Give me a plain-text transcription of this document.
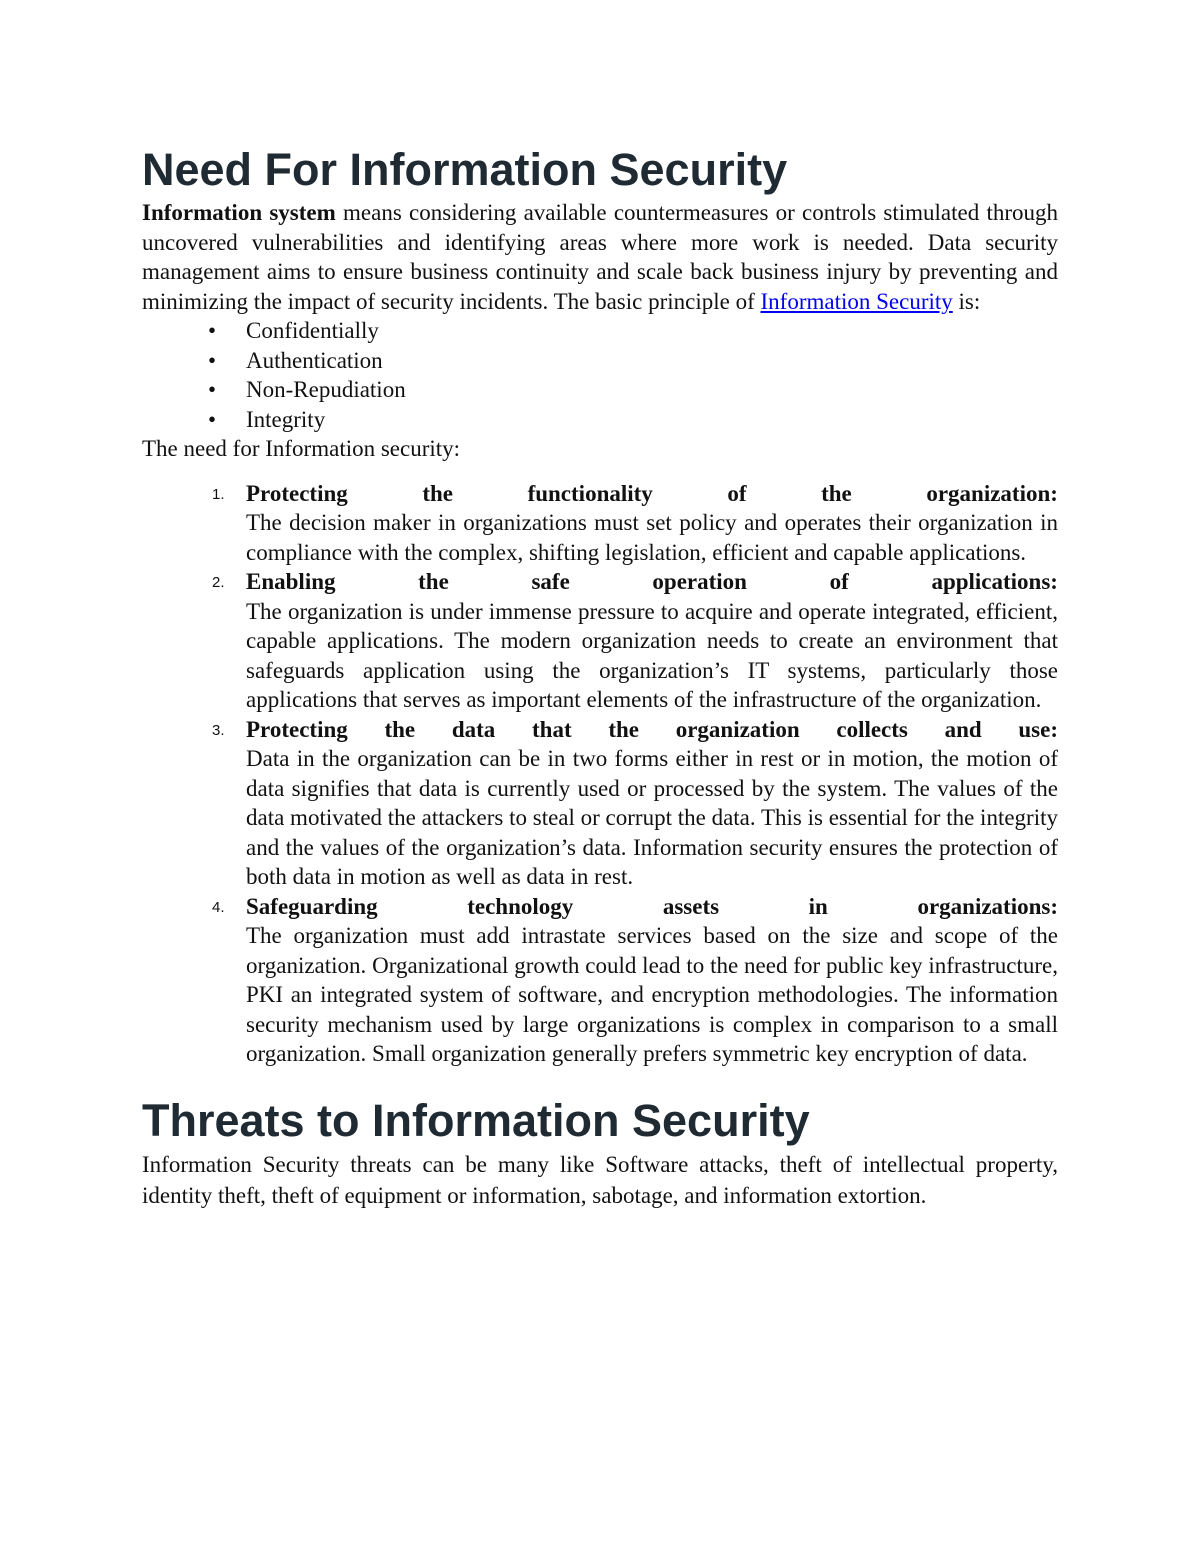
Need For Information Security

Information system means considering available countermeasures or controls stimulated through uncovered vulnerabilities and identifying areas where more work is needed. Data security management aims to ensure business continuity and scale back business injury by preventing and minimizing the impact of security incidents. The basic principle of Information Security is:

• Confidentially
• Authentication
• Non-Repudiation
• Integrity

The need for Information security:

1. Protecting	the	functionality	of	the	organization:
The decision maker in organizations must set policy and operates their organization in compliance with the complex, shifting legislation, efficient and capable applications.
2. Enabling	the	safe	operation	of	applications:
The organization is under immense pressure to acquire and operate integrated, efficient, capable applications. The modern organization needs to create an environment that safeguards application using the organization’s IT systems, particularly those applications that serves as important elements of the infrastructure of the organization.
3. Protecting the data that the organization collects and use:
Data in the organization can be in two forms either in rest or in motion, the motion of data signifies that data is currently used or processed by the system. The values of the data motivated the attackers to steal or corrupt the data. This is essential for the integrity and the values of the organization’s data. Information security ensures the protection of both data in motion as well as data in rest.
4. Safeguarding	technology	assets	in	organizations:
The organization must add intrastate services based on the size and scope of the organization. Organizational growth could lead to the need for public key infrastructure, PKI an integrated system of software, and encryption methodologies. The information security mechanism used by large organizations is complex in comparison to a small organization. Small organization generally prefers symmetric key encryption of data.
Threats to Information Security

Information Security threats can be many like Software attacks, theft of intellectual property, identity theft, theft of equipment or information, sabotage, and information extortion.
